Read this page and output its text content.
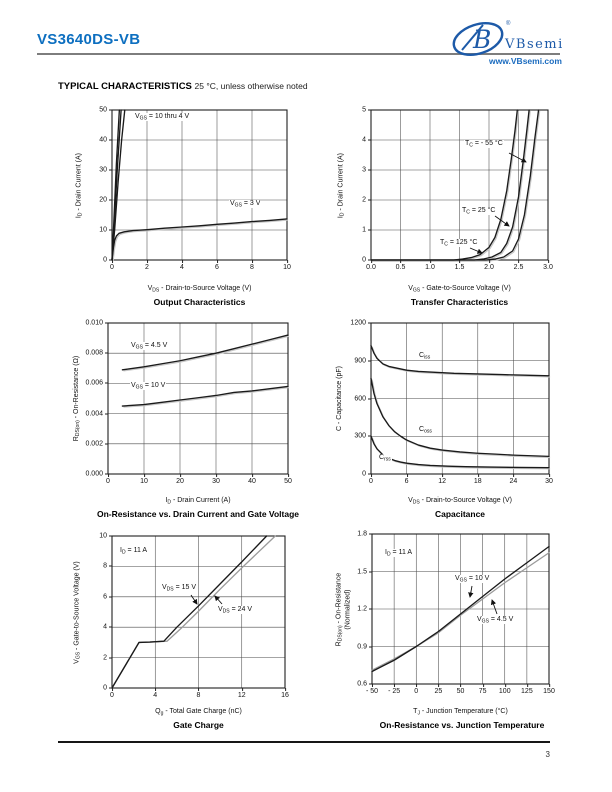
VS3640DS-VB	B
®
VBsemi
www.VBsemi.com
TYPICAL CHARACTERISTICS 25 °C, unless otherwise noted
ID - Drain Current (A)
0	2	4	6	8	10
50
40
30
20
10
0
VGS = 10 thru 4 V
VGS = 3 V
VDS - Drain-to-Source Voltage (V)
Output Characteristics
ID - Drain Current (A)
0.0	0.5	1.0	1.5	2.0	2.5	3.0
5
4
3
2
1
0
TC = - 55 °C
TC = 25 °C
TC = 125 °C
VGS - Gate-to-Source Voltage (V)
Transfer Characteristics
RDS(on) - On-Resistance (Ω)
0	10	20	30	40	50
0.010
0.008
0.006
0.004
0.002
0.000
VGS = 4.5 V
VGS = 10 V
ID - Drain Current (A)
On-Resistance vs. Drain Current and Gate Voltage
C - Capacitance (pF)
0	6	12	18	24	30
1200
900
600
300
0
Ciss
Coss
Crss
VDS - Drain-to-Source Voltage (V)
Capacitance
VGS - Gate-to-Source Voltage (V)
0	4	8	12	16
10
8
6
4
2
0
ID = 11 A
VDS = 15 V
VDS = 24 V
Qg - Total Gate Charge (nC)
Gate Charge
RDS(on) - On-Resistance (Normalized)
- 50 - 25 0 25 50 75 100 125 150
1.8
1.5
1.2
0.9
0.6
ID = 11 A
VGS = 10 V
VGS = 4.5 V
TJ - Junction Temperature (°C)
On-Resistance vs. Junction Temperature
3
